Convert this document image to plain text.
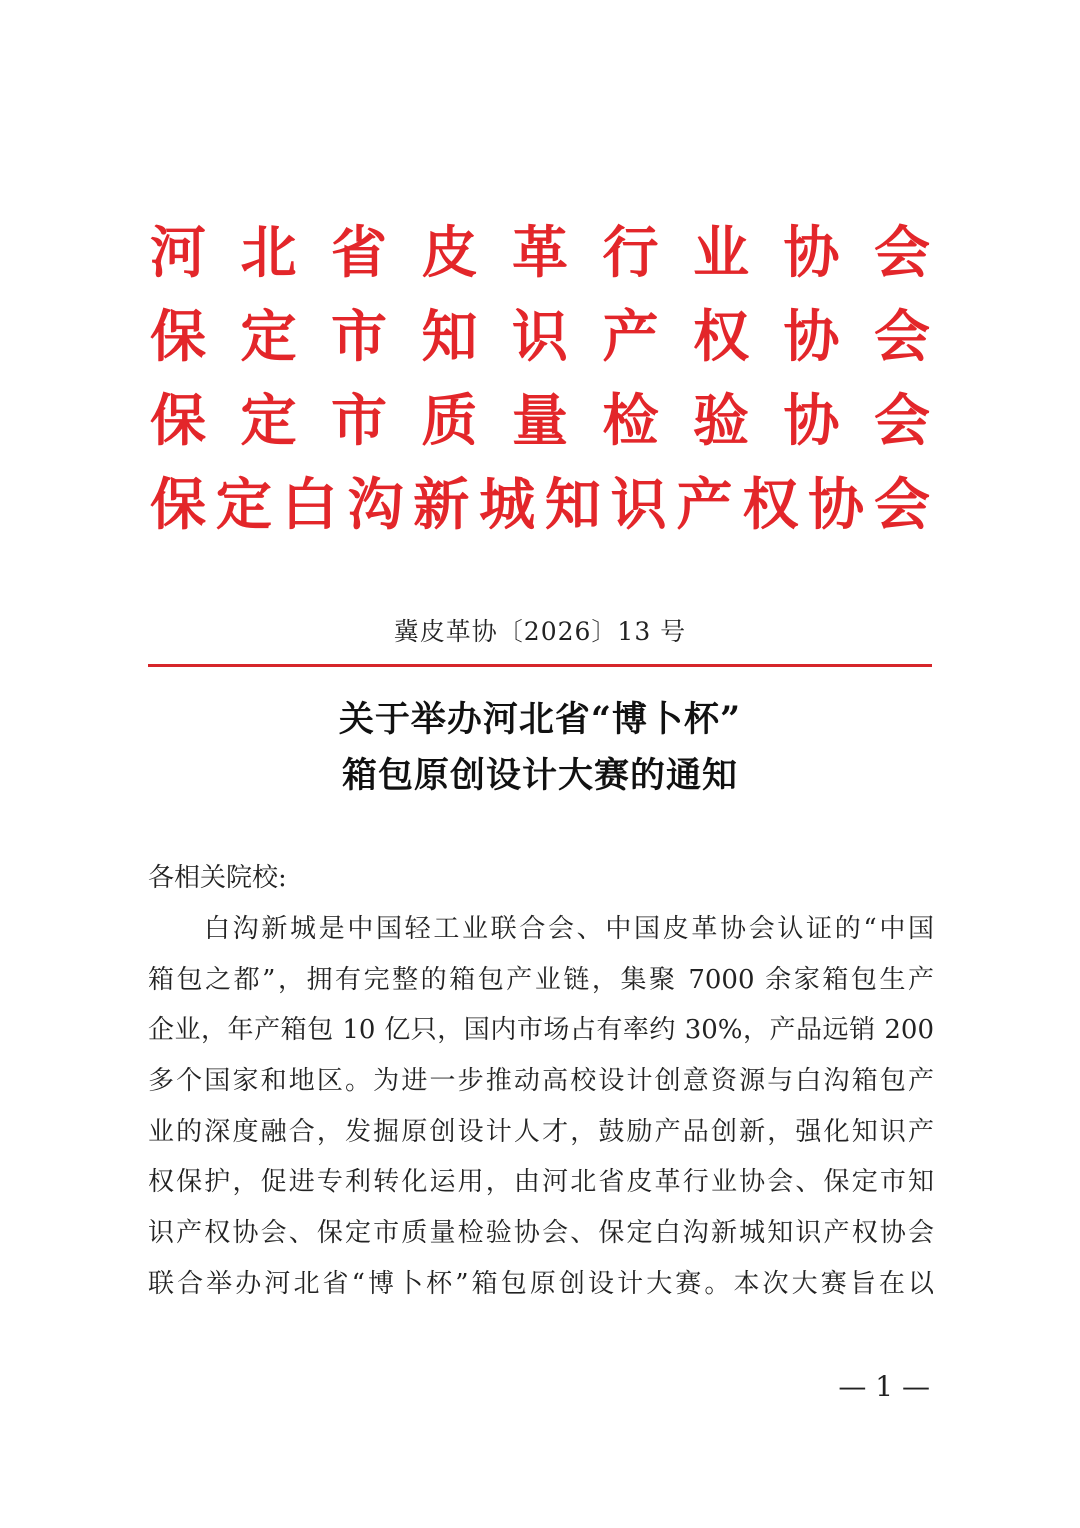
河 北 省 皮 革 行 业 协 会
保 定 市 知 识 产 权 协 会
保 定 市 质 量 检 验 协 会
保 定 白 沟 新 城 知 识 产 权 协 会
冀皮革协〔2026〕13 号
关于举办河北省“博卜杯”
箱包原创设计大赛的通知
各相关院校:
白沟新城是中国轻工业联合会、中国皮革协会认证的“中国
箱包之都”，拥有完整的箱包产业链，集聚 7000 余家箱包生产
企业，年产箱包 10 亿只，国内市场占有率约 30%，产品远销 200
多个国家和地区。为进一步推动高校设计创意资源与白沟箱包产
业的深度融合，发掘原创设计人才，鼓励产品创新，强化知识产
权保护，促进专利转化运用，由河北省皮革行业协会、保定市知
识产权协会、保定市质量检验协会、保定白沟新城知识产权协会
联合举办河北省“博卜杯”箱包原创设计大赛。本次大赛旨在以
— 1 —
